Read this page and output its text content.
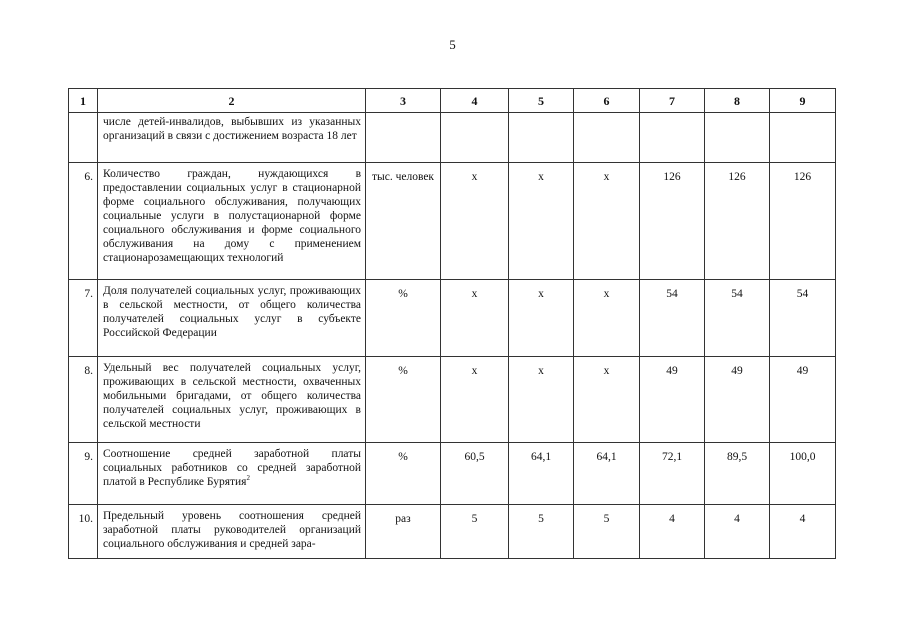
5
1	2	3	4	5	6	7	8	9
	числе детей-инвалидов, выбывших из указанных организаций в связи с достижением возраста 18 лет							
6.	Количество граждан, нуждающихся в предоставлении социальных услуг в стационарной форме социального обслуживания, получающих социальные услуги в полустационарной форме социального обслуживания и форме социального обслуживания на дому с применением стационарозамещающих технологий	тыс. человек	х	х	х	126	126	126
7.	Доля получателей социальных услуг, проживающих в сельской местности, от общего количества получателей социальных услуг в субъекте Российской Федерации	%	х	х	х	54	54	54
8.	Удельный вес получателей социальных услуг, проживающих в сельской местности, охваченных мобильными бригадами, от общего количества получателей социальных услуг, проживающих в сельской местности	%	х	х	х	49	49	49
9.	Соотношение средней заработной платы социальных работников со средней заработной платой в Республике Бурятия$^2$	%	60,5	64,1	64,1	72,1	89,5	100,0
10.	Предельный уровень соотношения средней заработной платы руководителей организаций социального обслуживания и средней зара-	раз	5	5	5	4	4	4
